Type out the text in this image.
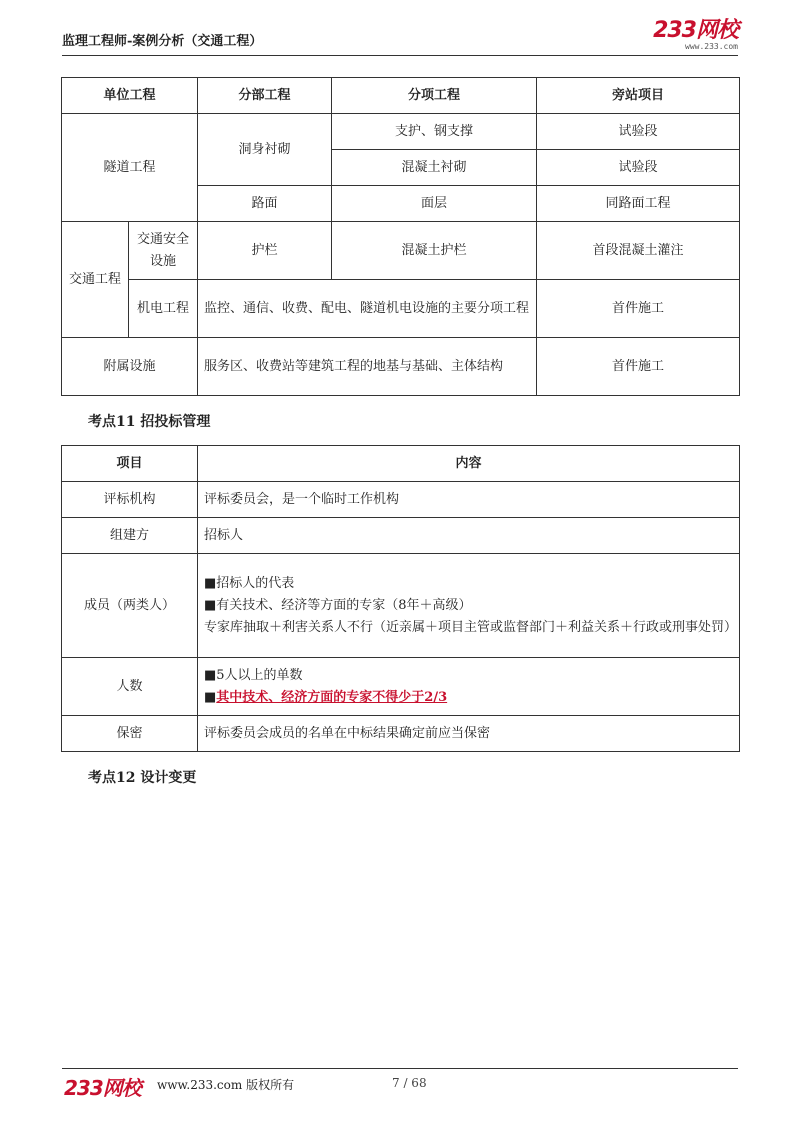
监理工程师-案例分析（交通工程）	233网校
www.233.com
单位工程		分部工程	分项工程	旁站项目
隧道工程		洞身衬砌	支护、钢支撑	试验段
			混凝土衬砌	试验段
		路面	面层	同路面工程
交通工程	交通安全设施	护栏	混凝土护栏	首段混凝土灌注
	机电工程	监控、通信、收费、配电、隧道机电设施的主要分项工程		首件施工
附属设施		服务区、收费站等建筑工程的地基与基础、主体结构		首件施工
考点11 招投标管理
项目	内容
评标机构	评标委员会，是一个临时工作机构

组建方	招标人

成员（两类人）	■招标人的代表
■有关技术、经济等方面的专家（8年＋高级）
专家库抽取＋利害关系人不行（近亲属＋项目主管或监督部门＋利益关系＋行政或刑事处罚）

人数	■5人以上的单数
■其中技术、经济方面的专家不得少于2/3

保密	评标委员会成员的名单在中标结果确定前应当保密
考点12 设计变更
233网校 www.233.com 版权所有	7 / 68
